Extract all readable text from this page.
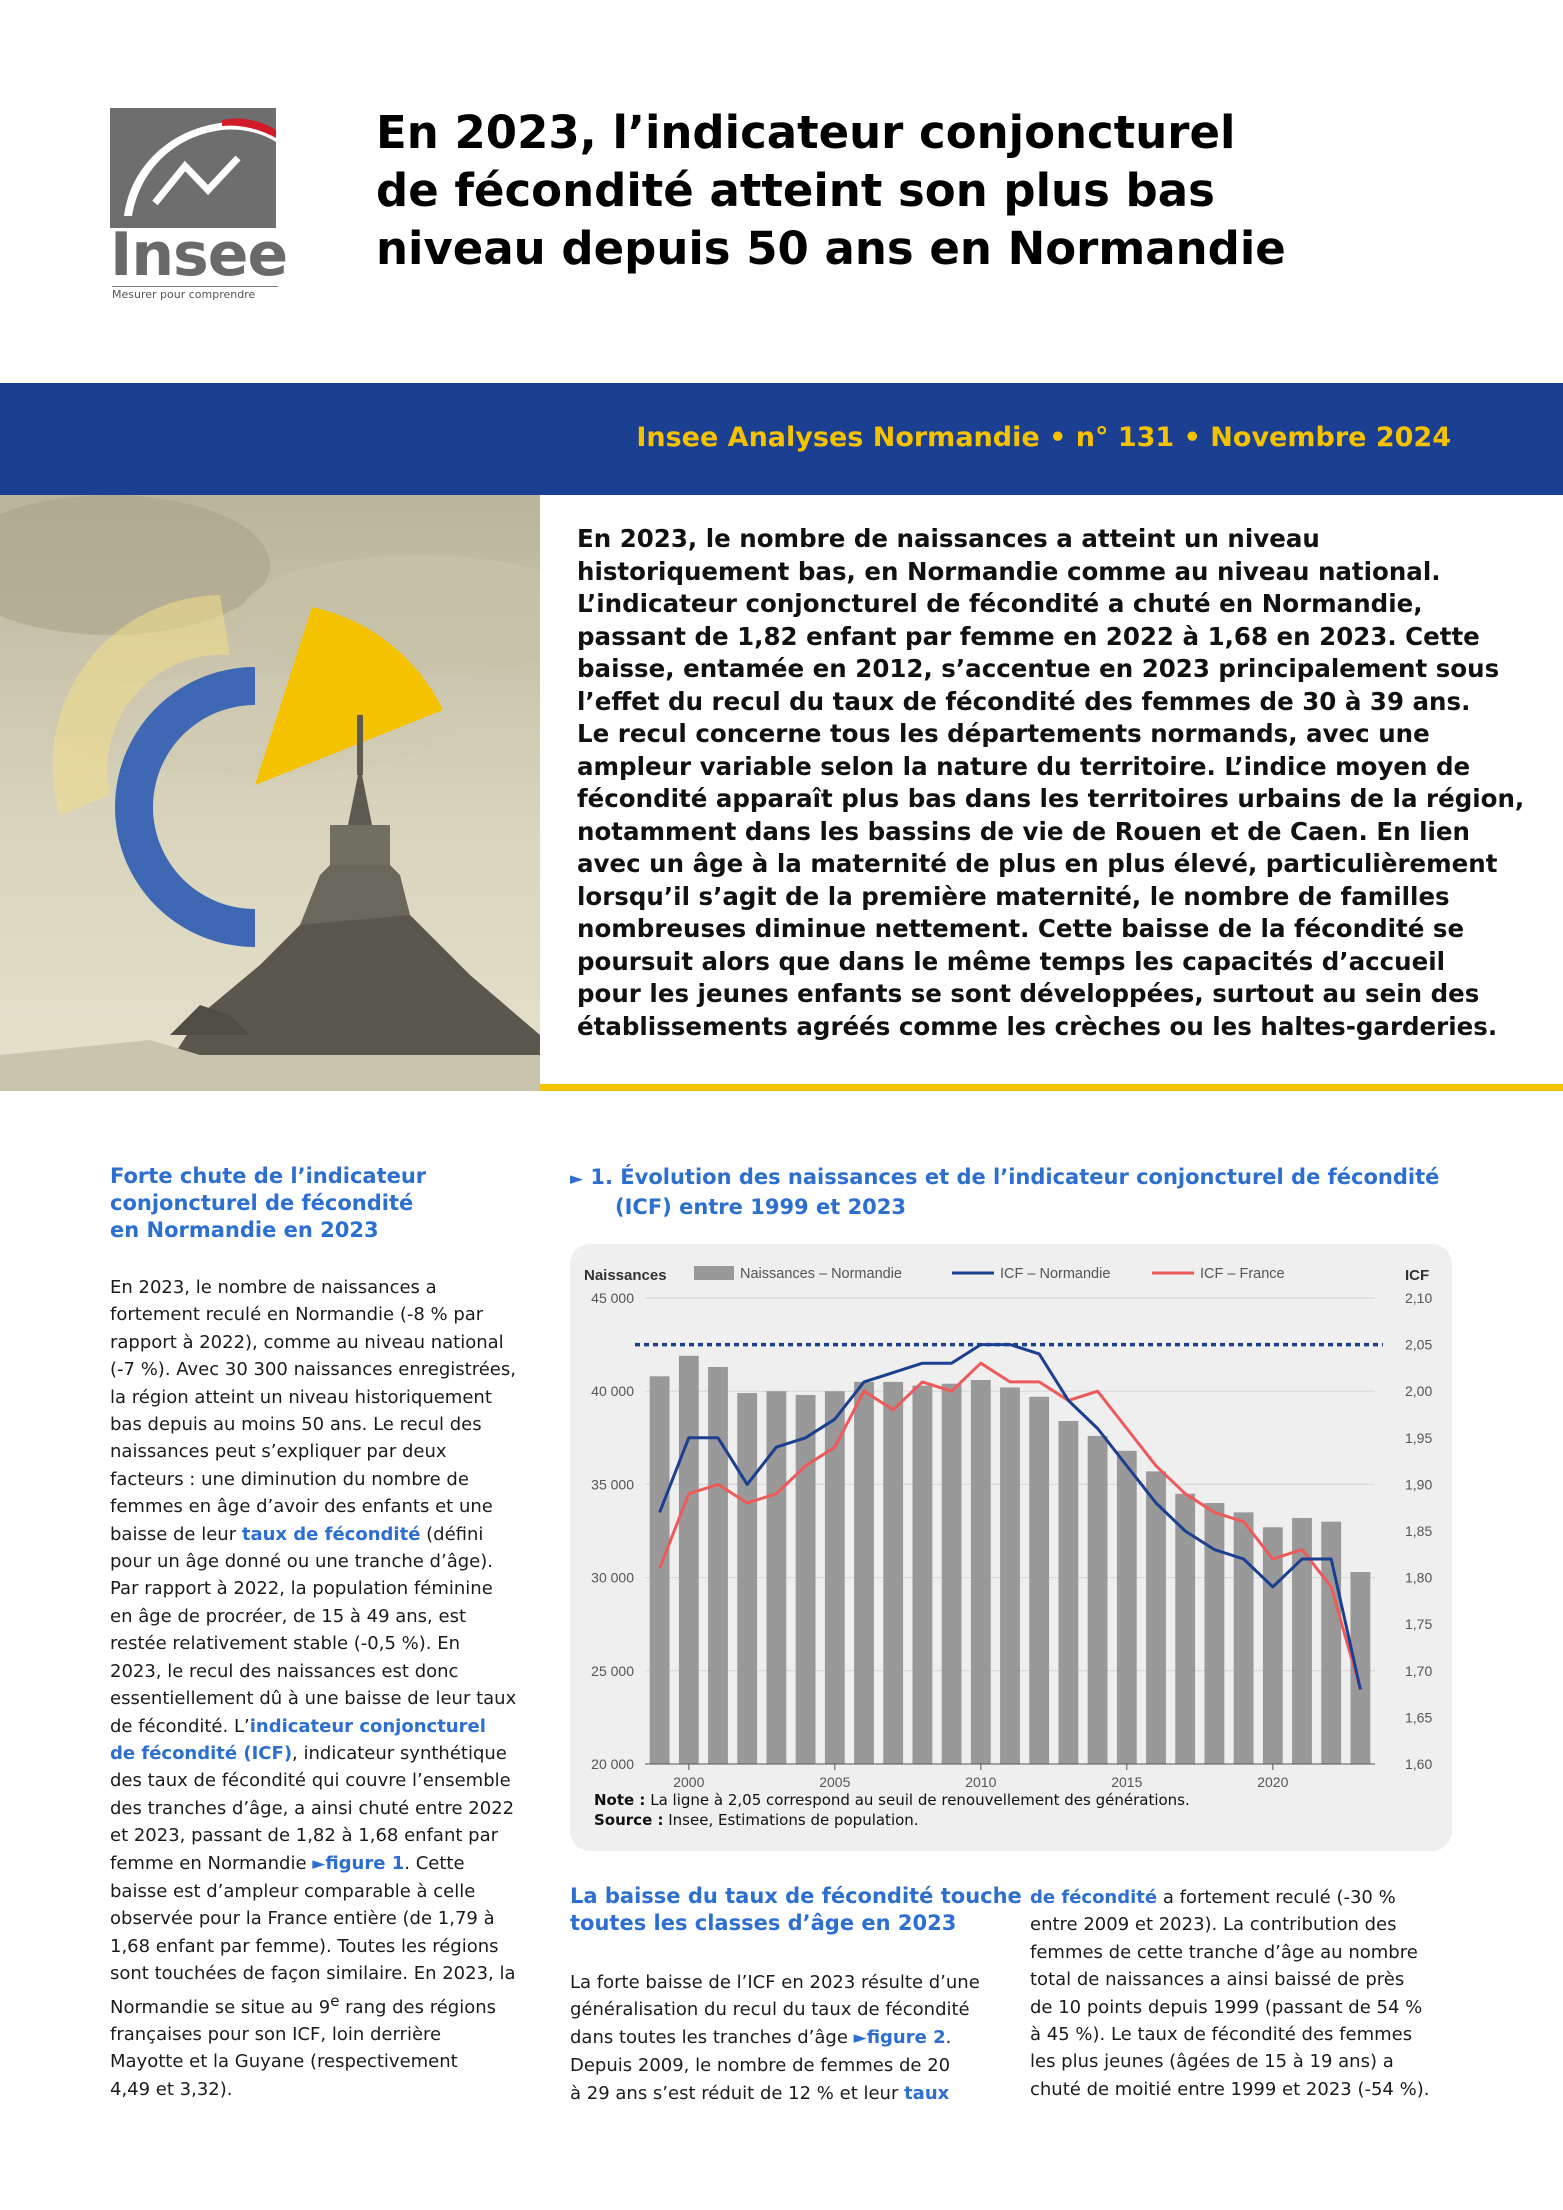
Insee
Mesurer pour comprendre
En 2023, l’indicateur conjoncturel
de fécondité atteint son plus bas
niveau depuis 50 ans en Normandie
Insee Analyses Normandie • n° 131 • Novembre 2024
En 2023, le nombre de naissances a atteint un niveau
historiquement bas, en Normandie comme au niveau national.
L’indicateur conjoncturel de fécondité a chuté en Normandie,
passant de 1,82 enfant par femme en 2022 à 1,68 en 2023. Cette
baisse, entamée en 2012, s’accentue en 2023 principalement sous
l’effet du recul du taux de fécondité des femmes de 30 à 39 ans.
Le recul concerne tous les départements normands, avec une
ampleur variable selon la nature du territoire. L’indice moyen de
fécondité apparaît plus bas dans les territoires urbains de la région,
notamment dans les bassins de vie de Rouen et de Caen. En lien
avec un âge à la maternité de plus en plus élevé, particulièrement
lorsqu’il s’agit de la première maternité, le nombre de familles
nombreuses diminue nettement. Cette baisse de la fécondité se
poursuit alors que dans le même temps les capacités d’accueil
pour les jeunes enfants se sont développées, surtout au sein des
établissements agréés comme les crèches ou les haltes-garderies.
Forte chute de l’indicateur
conjoncturel de fécondité
en Normandie en 2023
En 2023, le nombre de naissances a
fortement reculé en Normandie (-8 % par
rapport à 2022), comme au niveau national
(-7 %). Avec 30 300 naissances enregistrées,
la région atteint un niveau historiquement
bas depuis au moins 50 ans. Le recul des
naissances peut s’expliquer par deux
facteurs : une diminution du nombre de
femmes en âge d’avoir des enfants et une
baisse de leur taux de fécondité (défini
pour un âge donné ou une tranche d’âge).
Par rapport à 2022, la population féminine
en âge de procréer, de 15 à 49 ans, est
restée relativement stable (-0,5 %). En
2023, le recul des naissances est donc
essentiellement dû à une baisse de leur taux
de fécondité. L’indicateur conjoncturel
de fécondité (ICF), indicateur synthétique
des taux de fécondité qui couvre l’ensemble
des tranches d’âge, a ainsi chuté entre 2022
et 2023, passant de 1,82 à 1,68 enfant par
femme en Normandie ►figure 1. Cette
baisse est d’ampleur comparable à celle
observée pour la France entière (de 1,79 à
1,68 enfant par femme). Toutes les régions
sont touchées de façon similaire. En 2023, la
Normandie se situe au 9e rang des régions
françaises pour son ICF, loin derrière
Mayotte et la Guyane (respectivement
4,49 et 3,32).
► 1. Évolution des naissances et de l’indicateur conjoncturel de fécondité
(ICF) entre 1999 et 2023
20 000
25 000
30 000
35 000
40 000
45 000
1,60
1,65
1,70
1,75
1,80
1,85
1,90
1,95
2,00
2,05
2,10
Naissances	ICF
2000	2005	2010	2015	2020
Naissances – Normandie	ICF – Normandie	ICF – France
Note : La ligne à 2,05 correspond au seuil de renouvellement des générations.
Source : Insee, Estimations de population.
La baisse du taux de fécondité touche
toutes les classes d’âge en 2023
La forte baisse de l’ICF en 2023 résulte d’une
généralisation du recul du taux de fécondité
dans toutes les tranches d’âge ►figure 2.
Depuis 2009, le nombre de femmes de 20
à 29 ans s’est réduit de 12 % et leur taux
de fécondité a fortement reculé (-30 %
entre 2009 et 2023). La contribution des
femmes de cette tranche d’âge au nombre
total de naissances a ainsi baissé de près
de 10 points depuis 1999 (passant de 54 %
à 45 %). Le taux de fécondité des femmes
les plus jeunes (âgées de 15 à 19 ans) a
chuté de moitié entre 1999 et 2023 (-54 %).
